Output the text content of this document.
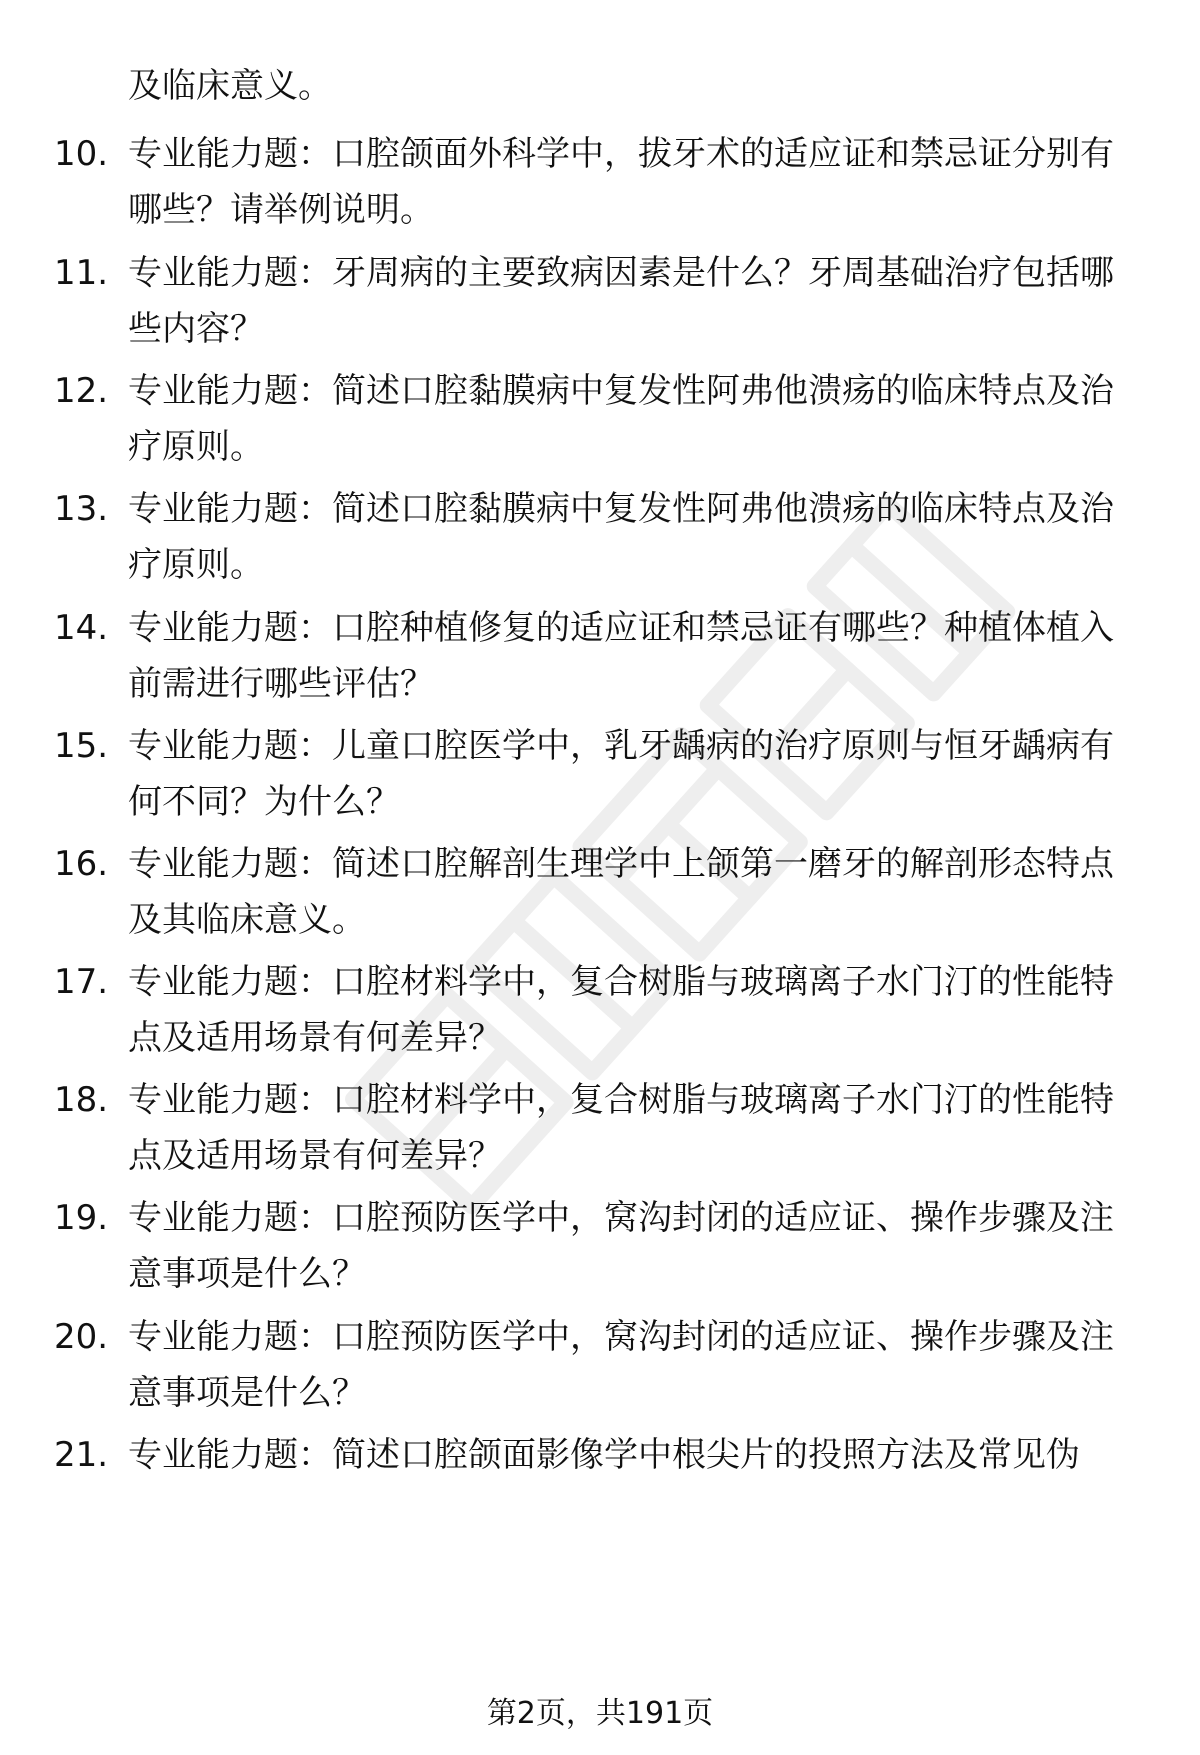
及临床意义。
10. 专业能力题：口腔颌面外科学中，拔牙术的适应证和禁忌证分别有哪些？请举例说明。
11. 专业能力题：牙周病的主要致病因素是什么？牙周基础治疗包括哪些内容？
12. 专业能力题：简述口腔黏膜病中复发性阿弗他溃疡的临床特点及治疗原则。
13. 专业能力题：简述口腔黏膜病中复发性阿弗他溃疡的临床特点及治疗原则。
14. 专业能力题：口腔种植修复的适应证和禁忌证有哪些？种植体植入前需进行哪些评估？
15. 专业能力题：儿童口腔医学中，乳牙龋病的治疗原则与恒牙龋病有何不同？为什么？
16. 专业能力题：简述口腔解剖生理学中上颌第一磨牙的解剖形态特点及其临床意义。
17. 专业能力题：口腔材料学中，复合树脂与玻璃离子水门汀的性能特点及适用场景有何差异？
18. 专业能力题：口腔材料学中，复合树脂与玻璃离子水门汀的性能特点及适用场景有何差异？
19. 专业能力题：口腔预防医学中，窝沟封闭的适应证、操作步骤及注意事项是什么？
20. 专业能力题：口腔预防医学中，窝沟封闭的适应证、操作步骤及注意事项是什么？
21. 专业能力题：简述口腔颌面影像学中根尖片的投照方法及常见伪
第2页，共191页
